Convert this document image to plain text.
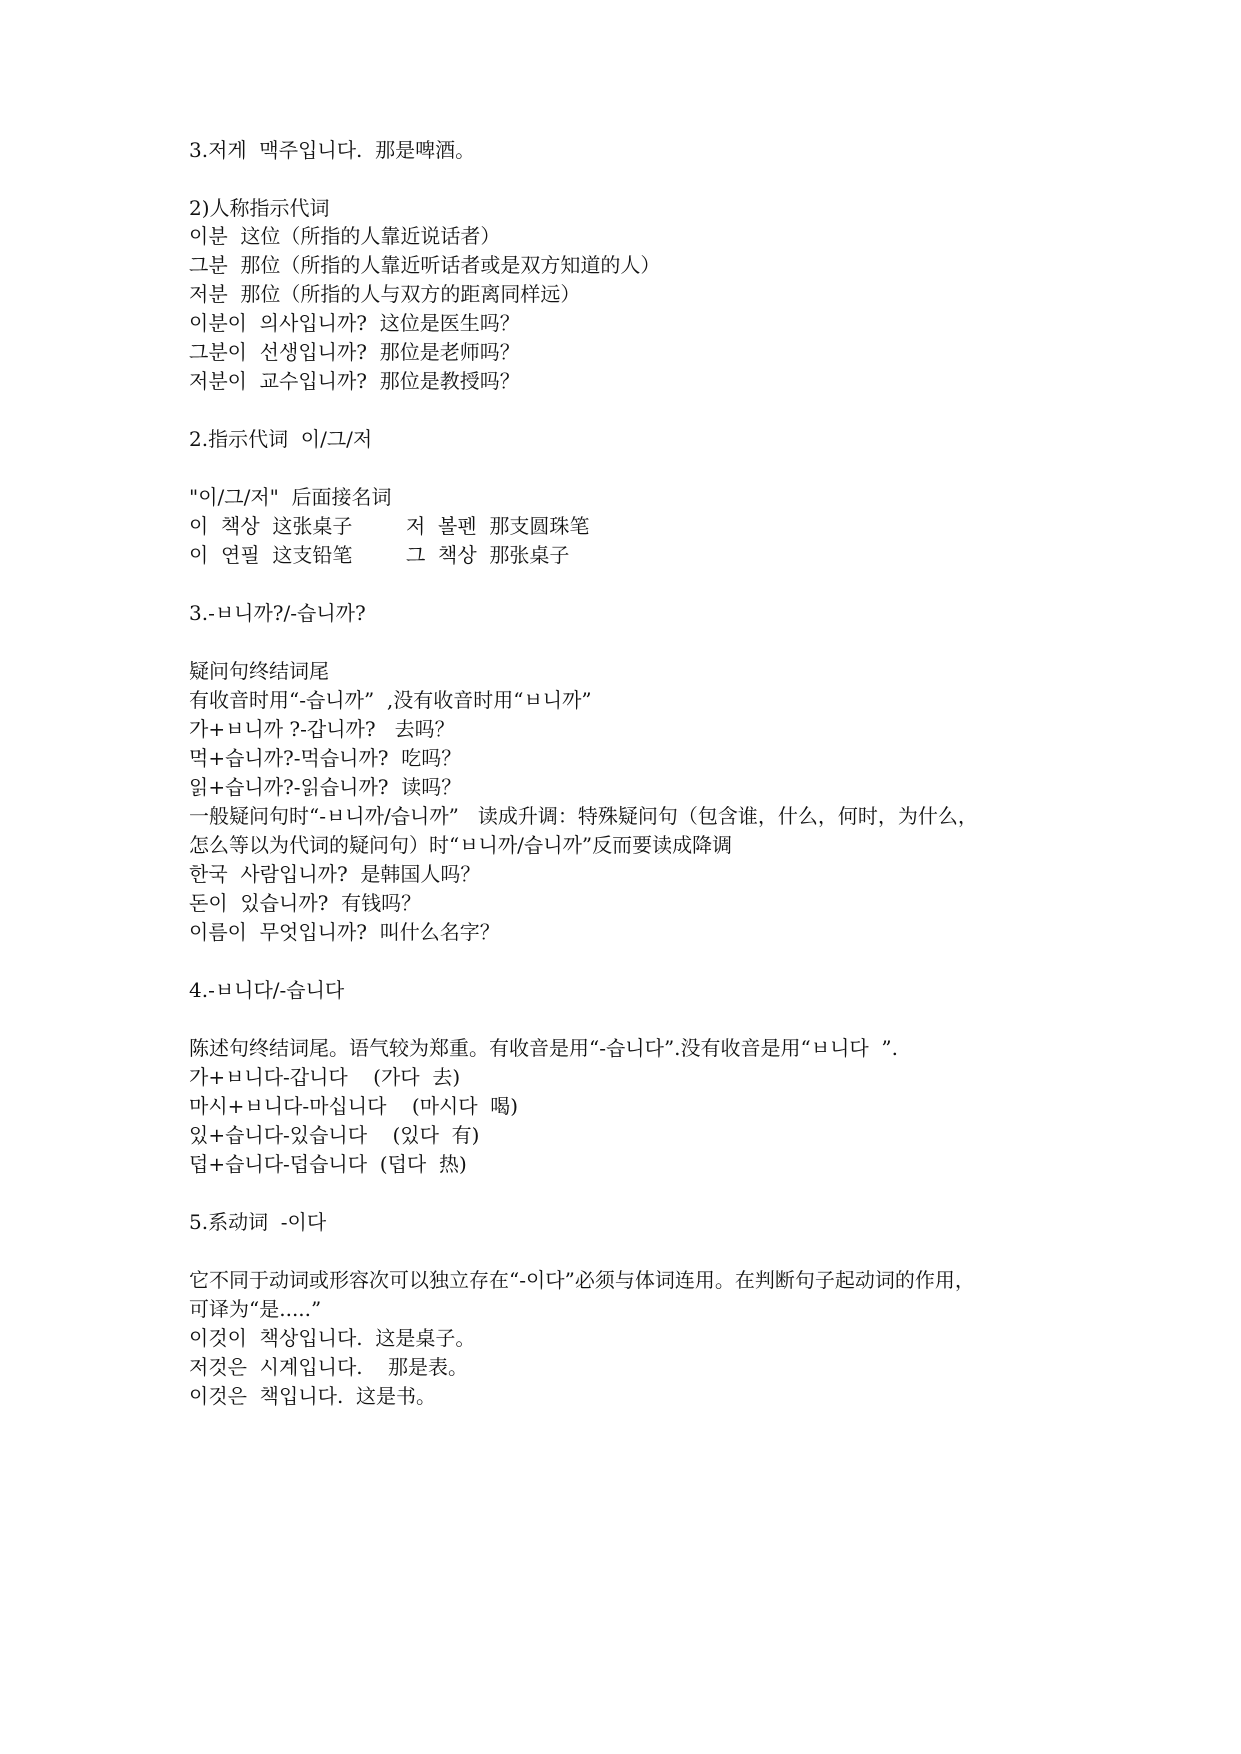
3.저게  맥주입니다.  那是啤酒。

2)人称指示代词

이분  这位（所指的人靠近说话者）

그분  那位（所指的人靠近听话者或是双方知道的人）

저분  那位（所指的人与双方的距离同样远）

이분이  의사입니까?  这位是医生吗？

그분이  선생입니까?  那位是老师吗？

저분이  교수입니까?  那位是教授吗？

2.指示代词  이/그/저

"이/그/저"  后面接名词

이  책상  这张桌子	저  볼펜  那支圆珠笔

이  연필  这支铅笔	그  책상  那张桌子

3.-ㅂ니까?/-습니까?

疑问句终结词尾

有收音时用“-습니까”  ,没有收音时用“ㅂ니까”

가+ㅂ니까 ?-갑니까?   去吗？

먹+습니까?-먹습니까?  吃吗？

읽+습니까?-읽습니까?  读吗？

一般疑问句时“-ㅂ니까/습니까”   读成升调：特殊疑问句（包含谁，什么，何时，为什么，

怎么等以为代词的疑问句）时“ㅂ니까/습니까”反而要读成降调

한국  사람입니까?  是韩国人吗？

돈이  있습니까?  有钱吗？

이름이  무엇입니까?  叫什么名字？

4.-ㅂ니다/-습니다

陈述句终结词尾。语气较为郑重。有收音是用“-습니다”.没有收音是用“ㅂ니다  ”.

가+ㅂ니다-갑니다    (가다  去)

마시+ㅂ니다-마십니다    (마시다  喝)

있+습니다-있습니다    (있다  有)

덥+습니다-덥습니다  (덥다  热)

5.系动词  -이다

它不同于动词或形容次可以独立存在“-이다”必须与体词连用。在判断句子起动词的作用，

可译为“是.....”

이것이  책상입니다.  这是桌子。

저것은  시계입니다.    那是表。

이것은  책입니다.  这是书。
